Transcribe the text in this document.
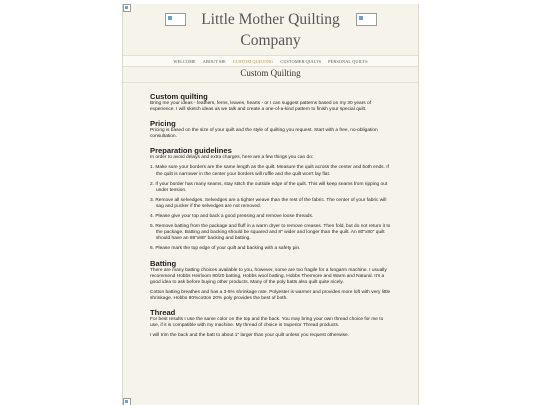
Little Mother Quilting
Company
WELCOME ABOUT ME CUSTOM QUILTING CUSTOMER QUILTS PERSONAL QUILTS
Custom Quilting
Custom quilting

Bring me your ideas - feathers, ferns, leaves, hearts - or I can suggest patterns based on my 30 years of experience. I will sketch ideas as we talk and create a one-of-a-kind pattern to finish your special quilt.

Pricing

Pricing is based on the size of your quilt and the style of quilting you request. Start with a free, no-obligation consultation.

Preparation guidelines

In order to avoid delays and extra charges, here are a few things you can do:

1. Make sure your borders are the same length as the quilt. Measure the quilt across the center and both ends. If the quilt is narrower in the center your borders will ruffle and the quilt won't lay flat.

2. If your border has many seams, stay stitch the outside edge of the quilt. This will keep seams from ripping out under tension.

3. Remove all selvedges. Selvedges are a tighter weave than the rest of the fabric. The center of your fabric will sag and pucker if the selvedges are not removed.

4. Please give your top and back a good pressing and remove loose threads.

5. Remove batting from the package and fluff in a warm dryer to remove creases. Then fold, but do not return it to the package. Batting and backing should be squared and 8" wider and longer than the quilt. An 80"x80" quilt should have an 88"x88" backing and batting.

6. Please mark the top edge of your quilt and backing with a safety pin.

Batting

There are many batting choices available to you, however, some are too fragile for a longarm machine. I usually recommend Hobbs Heirloom 80/20 batting, Hobbs wool batting, Hobbs Thermore and Warm and Natural. It's a good idea to ask before buying other products. Many of the poly batts also quilt quite nicely.

Cotton batting breathes and has a 3-5% shrinkage rate. Polyester is warmer and provides more loft with very little shrinkage. Hobbs 80%cotton 20% poly provides the best of both.

Thread

For best results I use the same color on the top and the back. You may bring your own thread choice for me to use, if it is compatible with my machine. My thread of choice is Superior Thread products.

I will trim the back and the batt to about 1" larger than your quilt unless you request otherwise.
